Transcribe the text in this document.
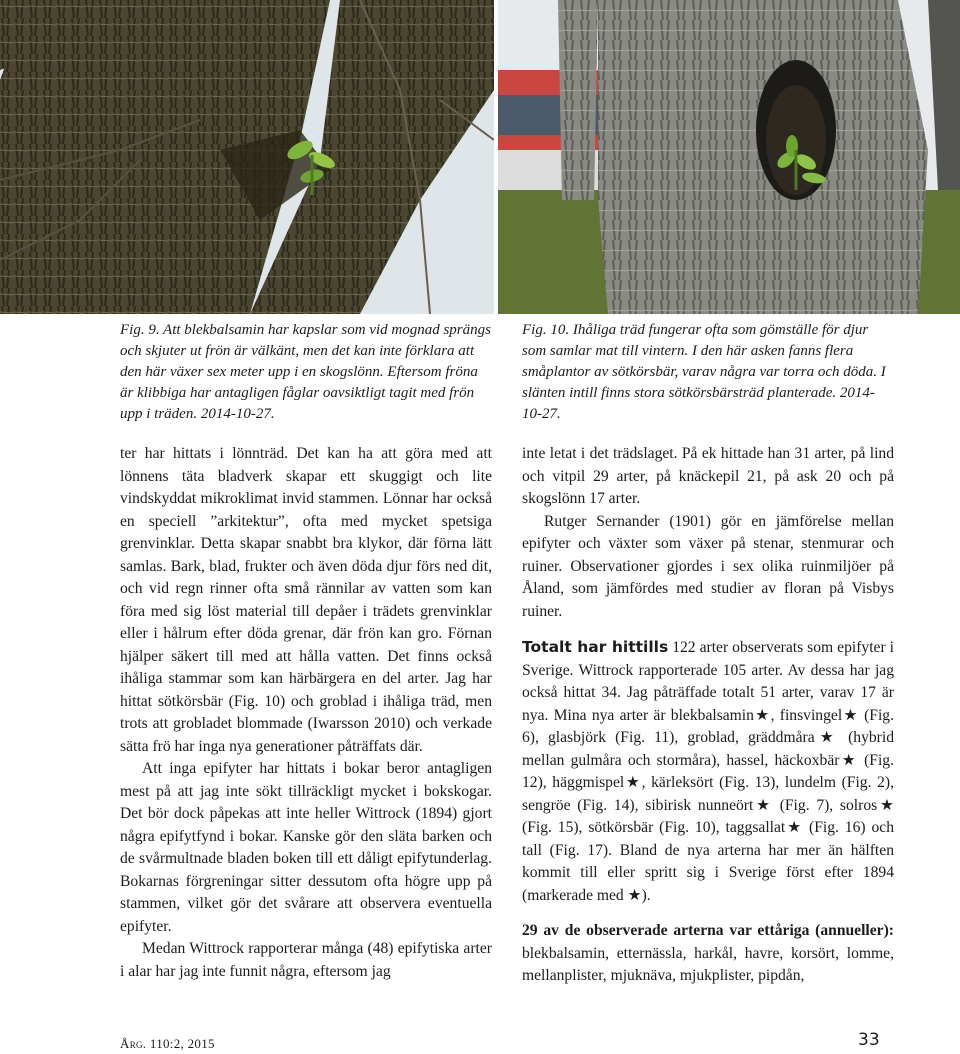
Fig. 9. Att blekbalsamin har kapslar som vid mognad sprängs och skjuter ut frön är välkänt, men det kan inte förklara att den här växer sex meter upp i en skogslönn. Eftersom fröna är klibbiga har antagligen fåglar oavsiktligt tagit med frön upp i träden. 2014-10-27.
Fig. 10. Ihåliga träd fungerar ofta som gömställe för djur som samlar mat till vintern. I den här asken fanns flera småplantor av sötkörsbär, varav några var torra och döda. I slänten intill finns stora sötkörsbärsträd planterade. 2014-10-27.

ter har hittats i lönnträd. Det kan ha att göra med att lönnens täta bladverk skapar ett skuggigt och lite vindskyddat mikroklimat invid stammen. Lönnar har också en speciell ”arkitektur”, ofta med mycket spetsiga grenvinklar. Detta skapar snabbt bra klykor, där förna lätt samlas. Bark, blad, frukter och även döda djur förs ned dit, och vid regn rinner ofta små rännilar av vatten som kan föra med sig löst material till depåer i trädets grenvinklar eller i hålrum efter döda grenar, där frön kan gro. Förnan hjälper säkert till med att hålla vatten. Det finns också ihåliga stammar som kan härbärgera en del arter. Jag har hittat sötkörsbär (Fig. 10) och groblad i ihåliga träd, men trots att grobladet blommade (Iwarsson 2010) och verkade sätta frö har inga nya generationer påträffats där.

Att inga epifyter har hittats i bokar beror antagligen mest på att jag inte sökt tillräckligt mycket i bokskogar. Det bör dock påpekas att inte heller Wittrock (1894) gjort några epifytfynd i bokar. Kanske gör den släta barken och de svårmultnade bladen boken till ett dåligt epifytunderlag. Bokarnas förgreningar sitter dessutom ofta högre upp på stammen, vilket gör det svårare att observera eventuella epifyter.

Medan Wittrock rapporterar många (48) epifytiska arter i alar har jag inte funnit några, eftersom jag

inte letat i det trädslaget. På ek hittade han 31 arter, på lind och vitpil 29 arter, på knäckepil 21, på ask 20 och på skogslönn 17 arter.

Rutger Sernander (1901) gör en jämförelse mellan epifyter och växter som växer på stenar, stenmurar och ruiner. Observationer gjordes i sex olika ruinmiljöer på Åland, som jämfördes med studier av floran på Visbys ruiner.

Totalt har hittills 122 arter observerats som epifyter i Sverige. Wittrock rapporterade 105 arter. Av dessa har jag också hittat 34. Jag påträffade totalt 51 arter, varav 17 är nya. Mina nya arter är blekbalsamin★, finsvingel★ (Fig. 6), glasbjörk (Fig. 11), groblad, gräddmåra★ (hybrid mellan gulmåra och stormåra), hassel, häckoxbär★ (Fig. 12), häggmispel★, kärleksört (Fig. 13), lundelm (Fig. 2), sengröe (Fig. 14), sibirisk nunneört★ (Fig. 7), solros★ (Fig. 15), sötkörsbär (Fig. 10), taggsallat★ (Fig. 16) och tall (Fig. 17). Bland de nya arterna har mer än hälften kommit till eller spritt sig i Sverige först efter 1894 (markerade med ★).

29 av de observerade arterna var ettåriga (annueller): blekbalsamin, etternässla, harkål, havre, korsört, lomme, mellanplister, mjuknäva, mjukplister, pipdån,

Årg. 110:2, 2015	33
